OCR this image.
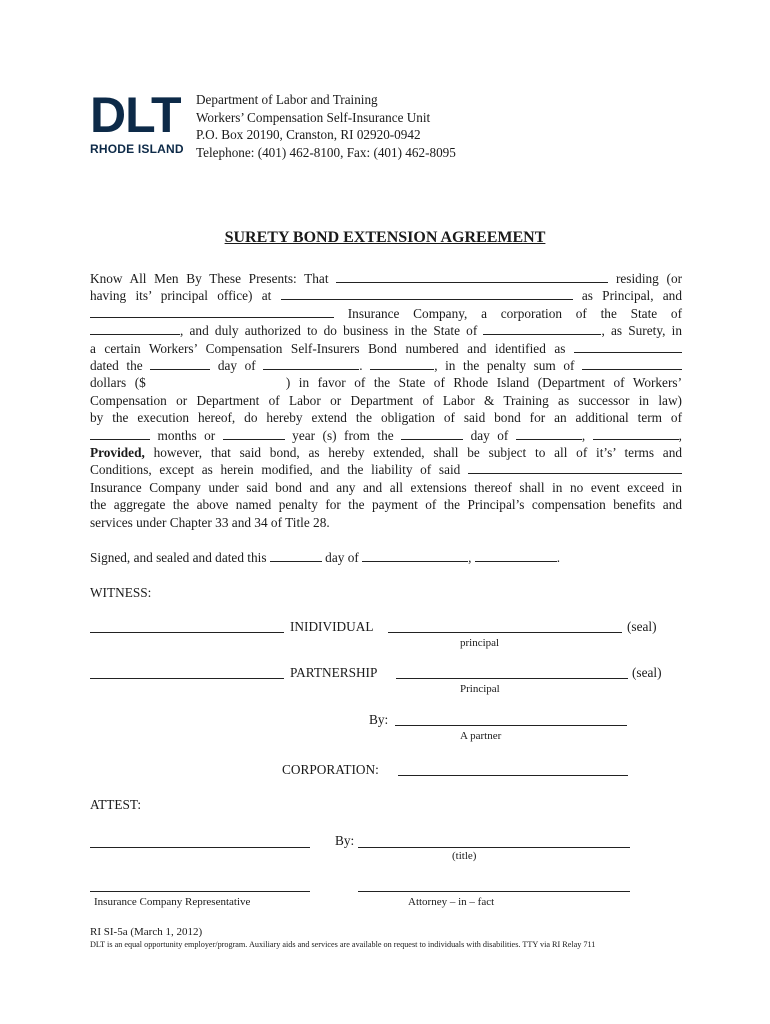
DLT
RHODE ISLAND
Department of Labor and Training
Workers’ Compensation Self-Insurance Unit
P.O. Box 20190, Cranston, RI 02920-0942
Telephone: (401) 462-8100, Fax: (401) 462-8095
SURETY BOND EXTENSION AGREEMENT

Know All Men By These Presents: That	residing (or

having its’ principal office) at	as Principal, and

Insurance Company, a corporation of the State of

, and duly authorized to do business in the State of	, as Surety, in

a certain Workers’ Compensation Self-Insurers Bond numbered and identified as

dated the	day of	.	, in the penalty sum of

dollars ($	) in favor of the State of Rhode Island (Department of Workers’

Compensation or Department of Labor or Department of Labor & Training as successor in law)

by the execution hereof, do hereby extend the obligation of said bond for an additional term of

months or	year (s) from the	day of	,	,

Provided, however, that said bond, as hereby extended, shall be subject to all of it’s’ terms and

Conditions, except as herein modified, and the liability of said

Insurance Company under said bond and any and all extensions thereof shall in no event exceed in

the aggregate the above named penalty for the payment of the Principal’s compensation benefits and

services under Chapter 33 and 34 of Title 28.

Signed, and sealed and dated this	day of	,	.
WITNESS:
INIDIVIDUAL	(seal)
principal
PARTNERSHIP	(seal)
Principal
By:
A partner
CORPORATION:
ATTEST:
By:
(title)
Insurance Company Representative	Attorney – in – fact
RI SI-5a (March 1, 2012)
DLT is an equal opportunity employer/program. Auxiliary aids and services are available on request to individuals with disabilities. TTY via RI Relay 711
